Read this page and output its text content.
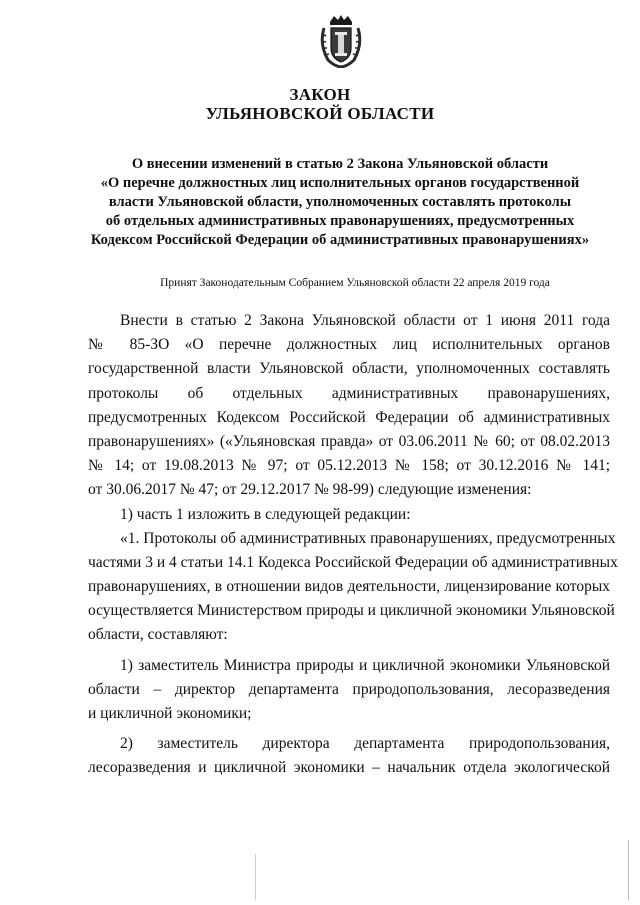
ЗАКОН
УЛЬЯНОВСКОЙ ОБЛАСТИ
О внесении изменений в статью 2 Закона Ульяновской области
«О перечне должностных лиц исполнительных органов государственной
власти Ульяновской области, уполномоченных составлять протоколы
об отдельных административных правонарушениях, предусмотренных
Кодексом Российской Федерации об административных правонарушениях»
Принят Законодательным Собранием Ульяновской области 22 апреля 2019 года
Внести в статью 2 Закона Ульяновской области от 1 июня 2011 года
№ 85-ЗО «О перечне должностных лиц исполнительных органов
государственной власти Ульяновской области, уполномоченных составлять
протоколы об отдельных административных правонарушениях,
предусмотренных Кодексом Российской Федерации об административных
правонарушениях» («Ульяновская правда» от 03.06.2011 № 60; от 08.02.2013
№ 14; от 19.08.2013 № 97; от 05.12.2013 № 158; от 30.12.2016 № 141;
от 30.06.2017 № 47; от 29.12.2017 № 98-99) следующие изменения:
1) часть 1 изложить в следующей редакции:
«1. Протоколы об административных правонарушениях, предусмотренных
частями 3 и 4 статьи 14.1 Кодекса Российской Федерации об административных
правонарушениях, в отношении видов деятельности, лицензирование которых
осуществляется Министерством природы и цикличной экономики Ульяновской
области, составляют:
1) заместитель Министра природы и цикличной экономики Ульяновской
области – директор департамента природопользования, лесоразведения
и цикличной экономики;
2) заместитель директора департамента природопользования,
лесоразведения и цикличной экономики – начальник отдела экологической
